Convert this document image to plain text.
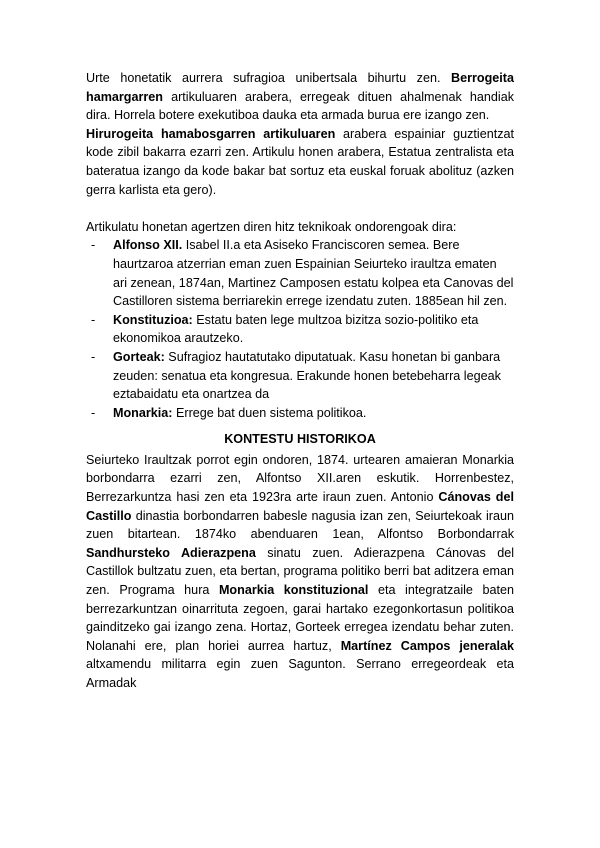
Urte honetatik aurrera sufragioa unibertsala bihurtu zen. Berrogeita hamargarren artikuluaren arabera, erregeak dituen ahalmenak handiak dira. Horrela botere exekutiboa dauka eta armada burua ere izango zen.

Hirurogeita hamabosgarren artikuluaren arabera espainiar guztientzat kode zibil bakarra ezarri zen. Artikulu honen arabera, Estatua zentralista eta bateratua izango da kode bakar bat sortuz eta euskal foruak abolituz (azken gerra karlista eta gero).

Artikulatu honetan agertzen diren hitz teknikoak ondorengoak dira:

- Alfonso XII. Isabel II.a eta Asiseko Franciscoren semea. Bere haurtzaroa atzerrian eman zuen Espainian Seiurteko iraultza ematen ari zenean, 1874an, Martinez Camposen estatu kolpea eta Canovas del Castilloren sistema berriarekin errege izendatu zuten. 1885ean hil zen.
- Konstituzioa: Estatu baten lege multzoa bizitza sozio-politiko eta ekonomikoa arautzeko.
- Gorteak: Sufragioz hautatutako diputatuak. Kasu honetan bi ganbara zeuden: senatua eta kongresua. Erakunde honen betebeharra legeak eztabaidatu eta onartzea da
- Monarkia: Errege bat duen sistema politikoa.

KONTESTU HISTORIKOA

Seiurteko Iraultzak porrot egin ondoren, 1874. urtearen amaieran Monarkia borbondarra ezarri zen, Alfontso XII.aren eskutik. Horrenbestez, Berrezarkuntza hasi zen eta 1923ra arte iraun zuen. Antonio Cánovas del Castillo dinastia borbondarren babesle nagusia izan zen, Seiurtekoak iraun zuen bitartean. 1874ko abenduaren 1ean, Alfontso Borbondarrak Sandhursteko Adierazpena sinatu zuen. Adierazpena Cánovas del Castillok bultzatu zuen, eta bertan, programa politiko berri bat aditzera eman zen. Programa hura Monarkia konstituzional eta integratzaile baten berrezarkuntzan oinarrituta zegoen, garai hartako ezegonkortasun politikoa gainditzeko gai izango zena. Hortaz, Gorteek erregea izendatu behar zuten. Nolanahi ere, plan horiei aurrea hartuz, Martínez Campos jeneralak altxamendu militarra egin zuen Sagunton. Serrano erregeordeak eta Armadak
